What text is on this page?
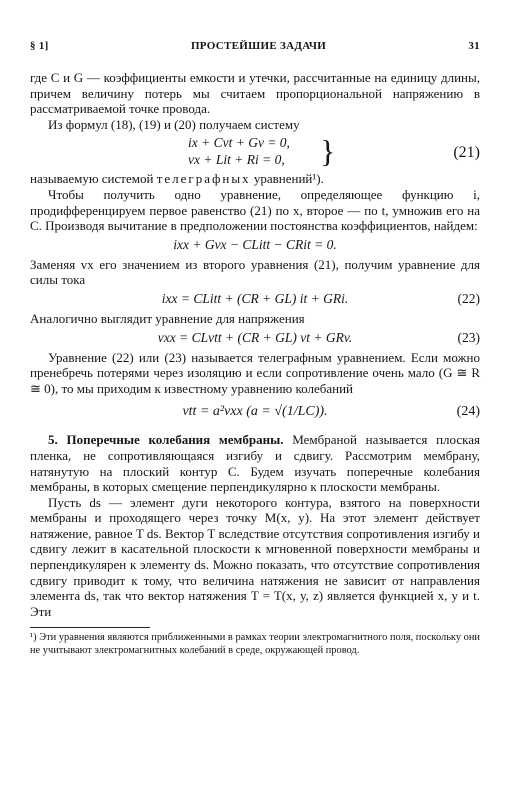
§ 1]	ПРОСТЕЙШИЕ ЗАДАЧИ	31

где C и G — коэффициенты емкости и утечки, рассчитанные на единицу длины, причем величину потерь мы считаем пропорциональной напряжению в рассматриваемой точке провода.

Из формул (18), (19) и (20) получаем систему

ix + Cvt + Gv = 0,
vx + Lit + Ri = 0, }	(21)

называемую системой телеграфных уравнений¹).

Чтобы получить одно уравнение, определяющее функцию i, продифференцируем первое равенство (21) по x, второе — по t, умножив его на C. Производя вычитание в предположении постоянства коэффициентов, найдем:

ixx + Gvx − CLitt − CRit = 0.

Заменяя vx его значением из второго уравнения (21), получим уравнение для силы тока

ixx = CLitt + (CR + GL) it + GRi.	(22)

Аналогично выглядит уравнение для напряжения

vxx = CLvtt + (CR + GL) vt + GRv.	(23)

Уравнение (22) или (23) называется телеграфным уравнением. Если можно пренебречь потерями через изоляцию и если сопротивление очень мало (G ≅ R ≅ 0), то мы приходим к известному уравнению колебаний

vtt = a²vxx (a = √(1/LC)).	(24)

5. Поперечные колебания мембраны. Мембраной называется плоская пленка, не сопротивляющаяся изгибу и сдвигу. Рассмотрим мембрану, натянутую на плоский контур C. Будем изучать поперечные колебания мембраны, в которых смещение перпендикулярно к плоскости мембраны.

Пусть ds — элемент дуги некоторого контура, взятого на поверхности мембраны и проходящего через точку M(x, y). На этот элемент действует натяжение, равное T ds. Вектор T вследствие отсутствия сопротивления изгибу и сдвигу лежит в касательной плоскости к мгновенной поверхности мембраны и перпендикулярен к элементу ds. Можно показать, что отсутствие сопротивления сдвигу приводит к тому, что величина натяжения не зависит от направления элемента ds, так что вектор натяжения T = T(x, y, z) является функцией x, y и t. Эти

¹) Эти уравнения являются приближенными в рамках теории электромагнитного поля, поскольку они не учитывают электромагнитных колебаний в среде, окружающей провод.
